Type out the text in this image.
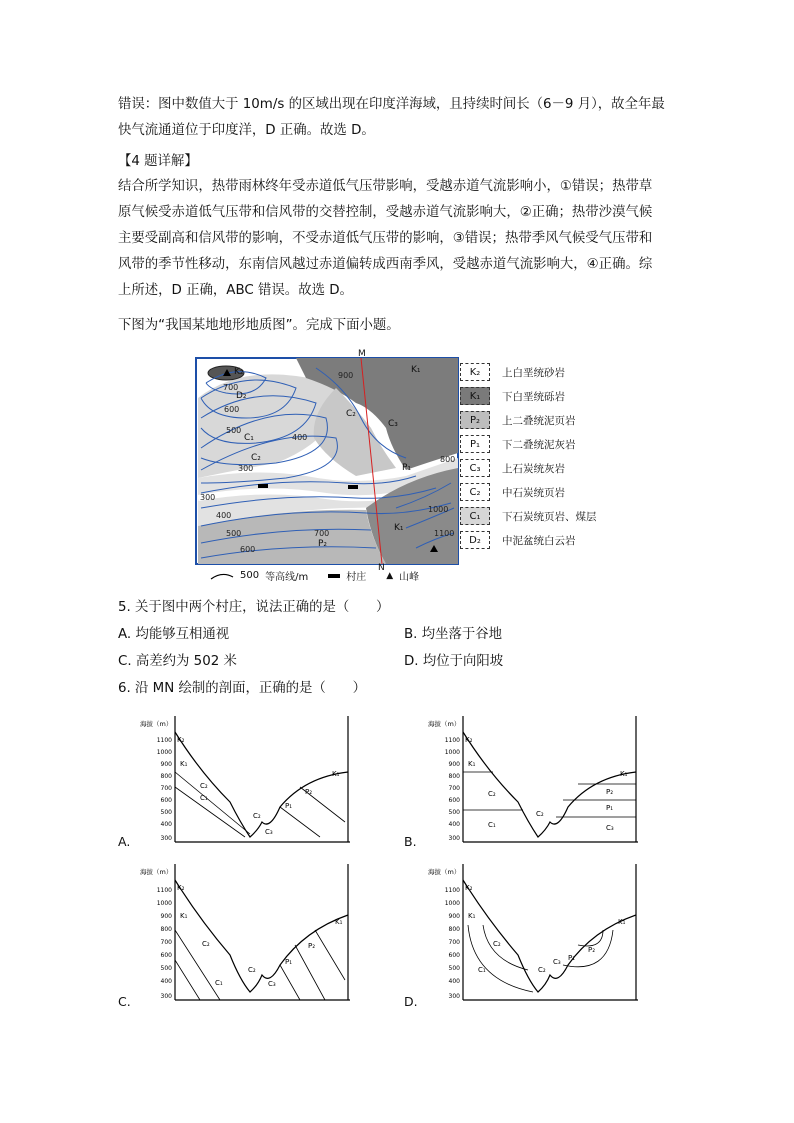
错误：图中数值大于 10m/s 的区域出现在印度洋海域，且持续时间长（6－9 月），故全年最
快气流通道位于印度洋，D 正确。故选 D。
【4 题详解】
结合所学知识，热带雨林终年受赤道低气压带影响，受越赤道气流影响小，①错误；热带草
原气候受赤道低气压带和信风带的交替控制，受越赤道气流影响大，②正确；热带沙漠气候
主要受副高和信风带的影响，不受赤道低气压带的影响，③错误；热带季风气候受气压带和
风带的季节性移动，东南信风越过赤道偏转成西南季风，受越赤道气流影响大，④正确。综
上所述，D 正确，ABC 错误。故选 D。
下图为“我国某地地形地质图”。完成下面小题。
M
N
K₂	K₁
D₂
C₁
C₂
C₂
C₃
P₁
P₂
K₁
700
600
500
400
300
300
400
500
600
700
900
800
1000
1100
K₂	上白垩统砂岩
K₁	下白垩统砾岩
P₂	上二叠统泥页岩
P₁	下二叠统泥灰岩
C₃	上石炭统灰岩
C₂	中石炭统页岩
C₁	下石炭统页岩、煤层
D₂	中泥盆统白云岩
500 等高线/m	村庄 ▲ 山峰
5. 关于图中两个村庄，说法正确的是（　　）
A. 均能够互相通视	B. 均坐落于谷地
C. 高差约为 502 米	D. 均位于向阳坡
6. 沿 MN 绘制的剖面，正确的是（　　）
海拔（m）
1100
1000
900
800
700
600
500
400
300
K₂
K₁
C₂
C₁
C₂
C₃
P₁
P₂
K₁
A.
海拔（m）
1100
1000
900
800
700
600
500
400
300
K₂
K₁
C₂
C₁
C₂
C₃
P₁
P₂
K₁
B.
海拔（m）
1100
1000
900
800
700
600
500
400
300
K₂
K₁
C₂
C₁
C₂
C₃
P₁
P₂
K₁
C.
海拔（m）
1100
1000
900
800
700
600
500
400
300
K₂
K₁
C₂
C₁	C₂
C₃ P₁
P₂
K₁
D.
